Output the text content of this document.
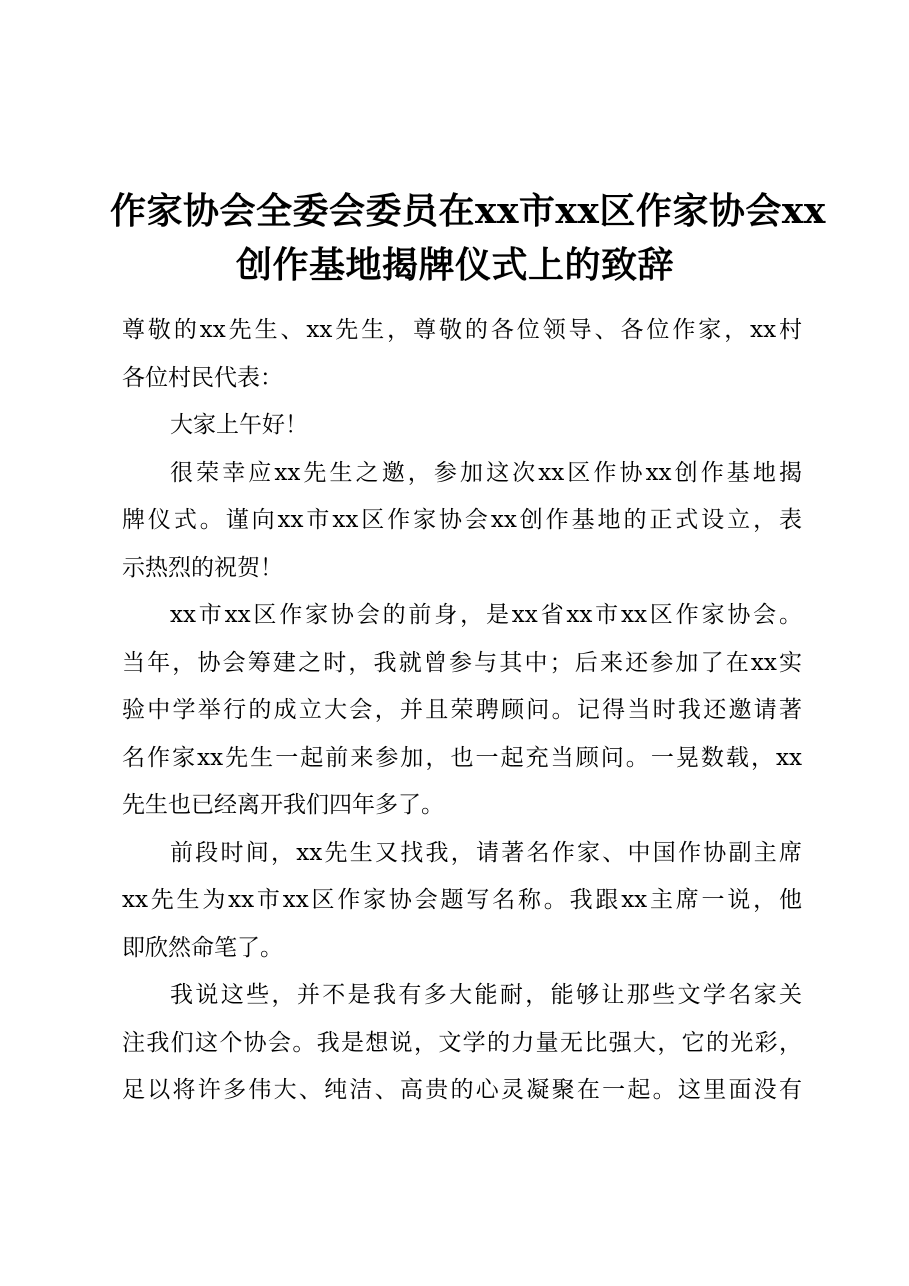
作家协会全委会委员在xx市xx区作家协会xx
创作基地揭牌仪式上的致辞
尊敬的xx先生、xx先生，尊敬的各位领导、各位作家，xx村
各位村民代表：
大家上午好！
很荣幸应xx先生之邀，参加这次xx区作协xx创作基地揭
牌仪式。谨向xx市xx区作家协会xx创作基地的正式设立，表
示热烈的祝贺！
xx市xx区作家协会的前身，是xx省xx市xx区作家协会。
当年，协会筹建之时，我就曾参与其中；后来还参加了在xx实
验中学举行的成立大会，并且荣聘顾问。记得当时我还邀请著
名作家xx先生一起前来参加，也一起充当顾问。一晃数载，xx
先生也已经离开我们四年多了。
前段时间，xx先生又找我，请著名作家、中国作协副主席
xx先生为xx市xx区作家协会题写名称。我跟xx主席一说，他
即欣然命笔了。
我说这些，并不是我有多大能耐，能够让那些文学名家关
注我们这个协会。我是想说，文学的力量无比强大，它的光彩，
足以将许多伟大、纯洁、高贵的心灵凝聚在一起。这里面没有
